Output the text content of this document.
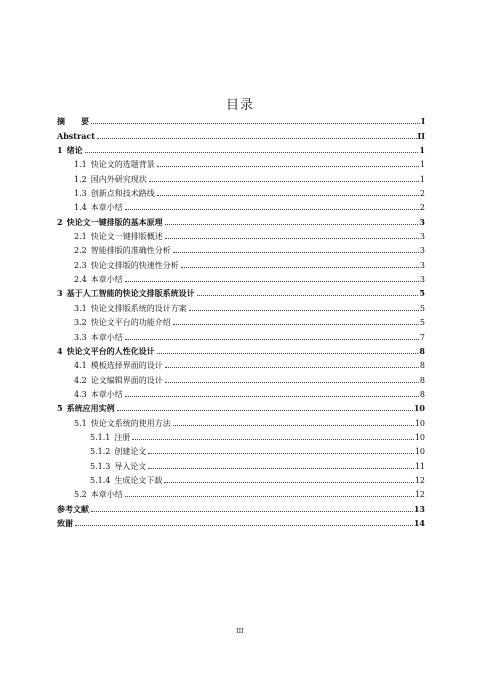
目录
摘　　要	I
Abstract	II
1 绪论	1
1.1 快论文的选题背景	1
1.2 国内外研究现状	1
1.3 创新点和技术路线	2
1.4 本章小结	2
2 快论文一键排版的基本原理	3
2.1 快论文一键排版概述	3
2.2 智能排版的准确性分析	3
2.3 快论文排版的快速性分析	3
2.4 本章小结	3
3 基于人工智能的快论文排版系统设计	5
3.1 快论文排版系统的设计方案	5
3.2 快论文平台的功能介绍	5
3.3 本章小结	7
4 快论文平台的人性化设计	8
4.1 模板选择界面的设计	8
4.2 论文编辑界面的设计	8
4.3 本章小结	8
5 系统应用实例	10
5.1 快论文系统的使用方法	10
5.1.1 注册	10
5.1.2 创建论文	10
5.1.3 导入论文	11
5.1.4 生成论文下载	12
5.2 本章小结	12
参考文献	13
致谢	14
III
